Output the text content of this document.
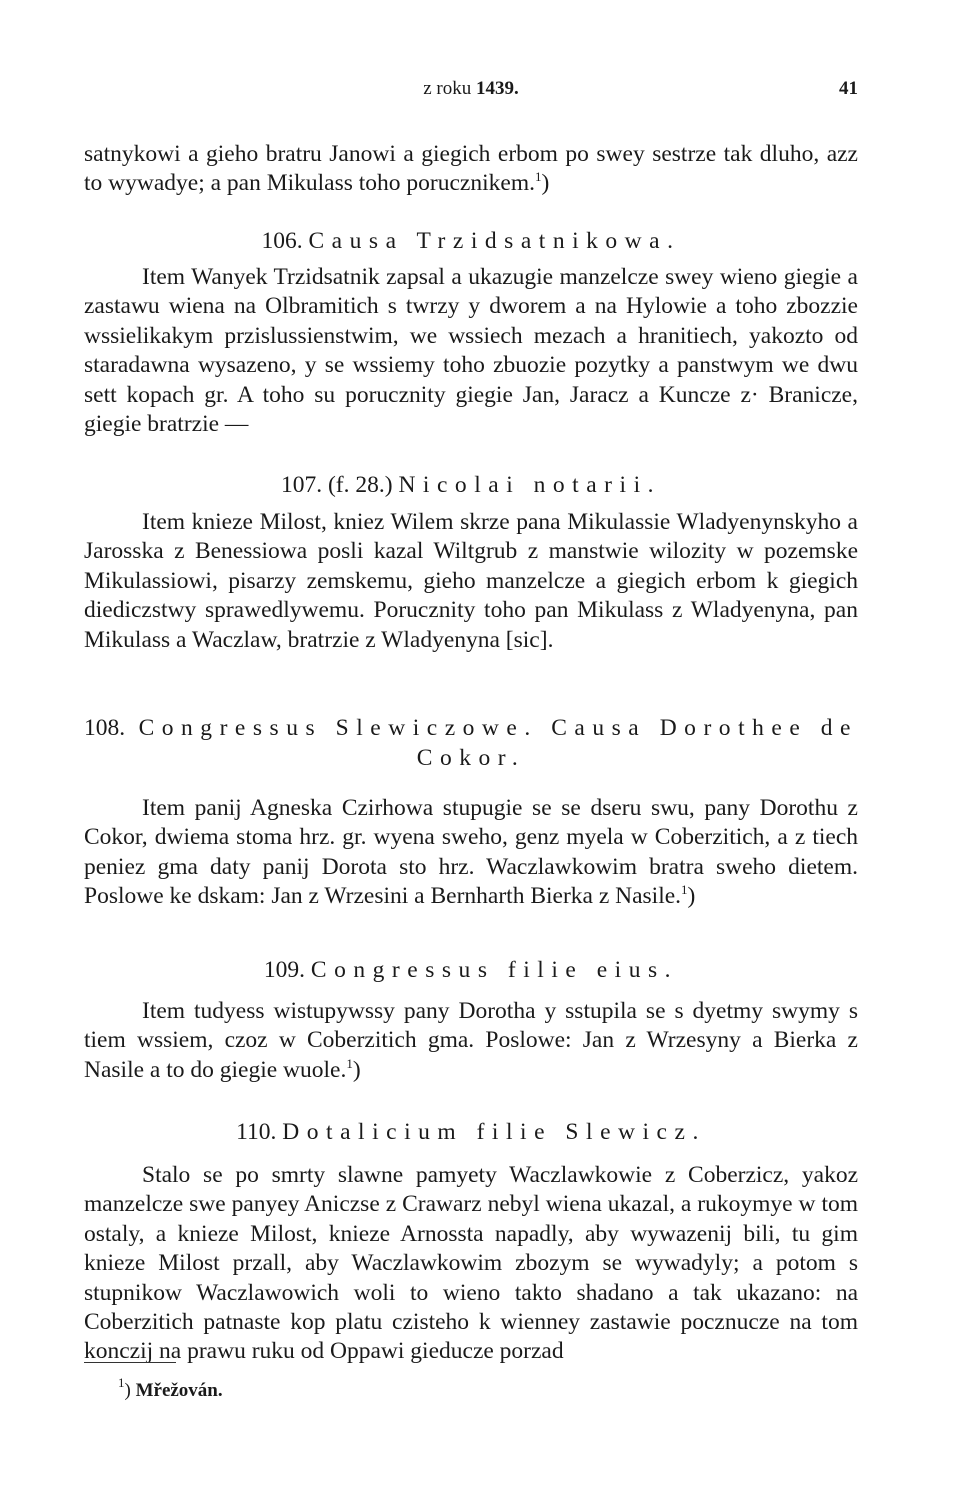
z roku 1439.	41

satnykowi a gieho bratru Janowi a giegich erbom po swey sestrze tak dluho, azz to wywadye; a pan Mikulass toho porucznikem.$^1$)

106. Causa Trzidsatnikowa.

Item Wanyek Trzidsatnik zapsal a ukazugie manzelcze swey wieno giegie a zastawu wiena na Olbramitich s twrzy y dworem a na Hylowie a toho zbozzie wssielikakym przislussienstwim, we wssiech mezach a hranitiech, yakozto od staradawna wysazeno, y se wssiemy toho zbuozie pozytky a panstwym we dwu sett kopach gr. A toho su porucznity giegie Jan, Jaracz a Kuncze z· Branicze, giegie bratrzie —

107. (f. 28.) Nicolai notarii.

Item knieze Milost, kniez Wilem skrze pana Mikulassie Wladyenynskyho a Jarosska z Benessiowa posli kazal Wiltgrub z manstwie wilozity w pozemske Mikulassiowi, pisarzy zemskemu, gieho manzelcze a giegich erbom k giegich diediczstwy sprawedlywemu. Porucznity toho pan Mikulass z Wladyenyna, pan Mikulass a Waczlaw, bratrzie z Wladyenyna [sic].

108. Congressus Slewiczowe. Causa Dorothee de
Cokor.

Item panij Agneska Czirhowa stupugie se se dseru swu, pany Dorothu z Cokor, dwiema stoma hrz. gr. wyena sweho, genz myela w Coberzitich, a z tiech peniez gma daty panij Dorota sto hrz. Waczlawkowim bratra sweho dietem. Poslowe ke dskam: Jan z Wrzesini a Bernharth Bierka z Nasile.$^1$)

109. Congressus filie eius.

Item tudyess wistupywssy pany Dorotha y sstupila se s dyetmy swymy s tiem wssiem, czoz w Coberzitich gma. Poslowe: Jan z Wrzesyny a Bierka z Nasile a to do giegie wuole.$^1$)

110. Dotalicium filie Slewicz.

Stalo se po smrty slawne pamyety Waczlawkowie z Coberzicz, yakoz manzelcze swe panyey Aniczse z Crawarz nebyl wiena ukazal, a rukoymye w tom ostaly, a knieze Milost, knieze Arnossta napadly, aby wywazenij bili, tu gim knieze Milost przall, aby Waczlawkowim zbozym se wywadyly; a potom s stupnikow Waczlawowich woli to wieno takto shadano a tak ukazano: na Coberzitich patnaste kop platu czisteho k wienney zastawie pocznucze na tom konczij na prawu ruku od Oppawi gieducze porzad

$^1$) Mřežován.
